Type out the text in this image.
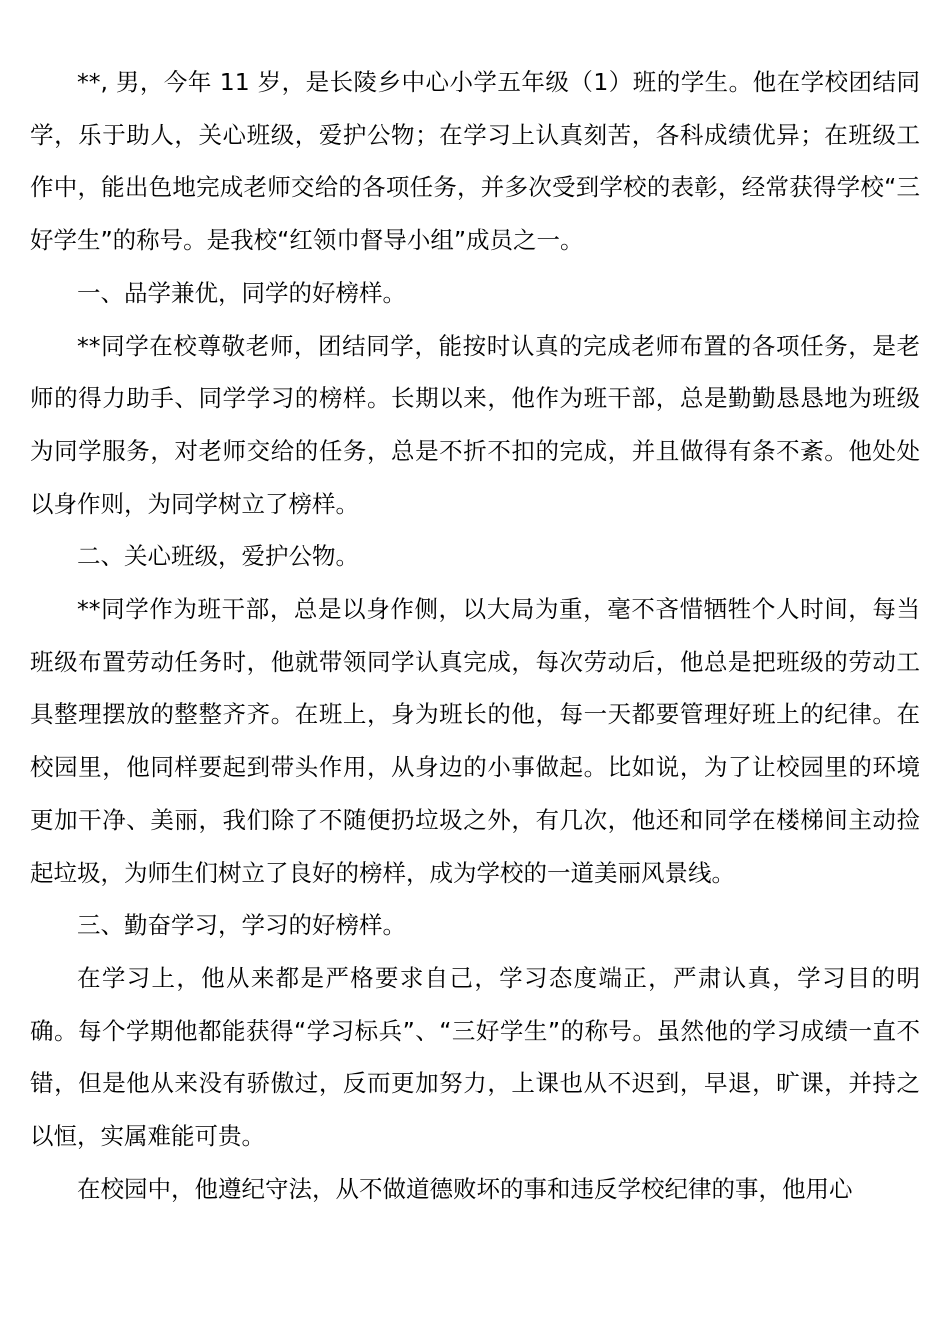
**, 男，今年 11 岁，是长陵乡中心小学五年级（1）班的学生。他在学校团结同学，乐于助人，关心班级，爱护公物；在学习上认真刻苦，各科成绩优异；在班级工作中，能出色地完成老师交给的各项任务，并多次受到学校的表彰，经常获得学校“三好学生”的称号。是我校“红领巾督导小组”成员之一。

一、品学兼优，同学的好榜样。

**同学在校尊敬老师，团结同学，能按时认真的完成老师布置的各项任务，是老师的得力助手、同学学习的榜样。长期以来，他作为班干部，总是勤勤恳恳地为班级为同学服务，对老师交给的任务，总是不折不扣的完成，并且做得有条不紊。他处处以身作则，为同学树立了榜样。

二、关心班级，爱护公物。

**同学作为班干部，总是以身作侧，以大局为重，毫不吝惜牺牲个人时间，每当班级布置劳动任务时，他就带领同学认真完成，每次劳动后，他总是把班级的劳动工具整理摆放的整整齐齐。在班上，身为班长的他，每一天都要管理好班上的纪律。在校园里，他同样要起到带头作用，从身边的小事做起。比如说，为了让校园里的环境更加干净、美丽，我们除了不随便扔垃圾之外，有几次，他还和同学在楼梯间主动捡起垃圾，为师生们树立了良好的榜样，成为学校的一道美丽风景线。

三、勤奋学习，学习的好榜样。

在学习上，他从来都是严格要求自己，学习态度端正，严肃认真，学习目的明确。每个学期他都能获得“学习标兵”、“三好学生”的称号。虽然他的学习成绩一直不错，但是他从来没有骄傲过，反而更加努力，上课也从不迟到，早退，旷课，并持之以恒，实属难能可贵。

在校园中，他遵纪守法，从不做道德败坏的事和违反学校纪律的事，他用心
